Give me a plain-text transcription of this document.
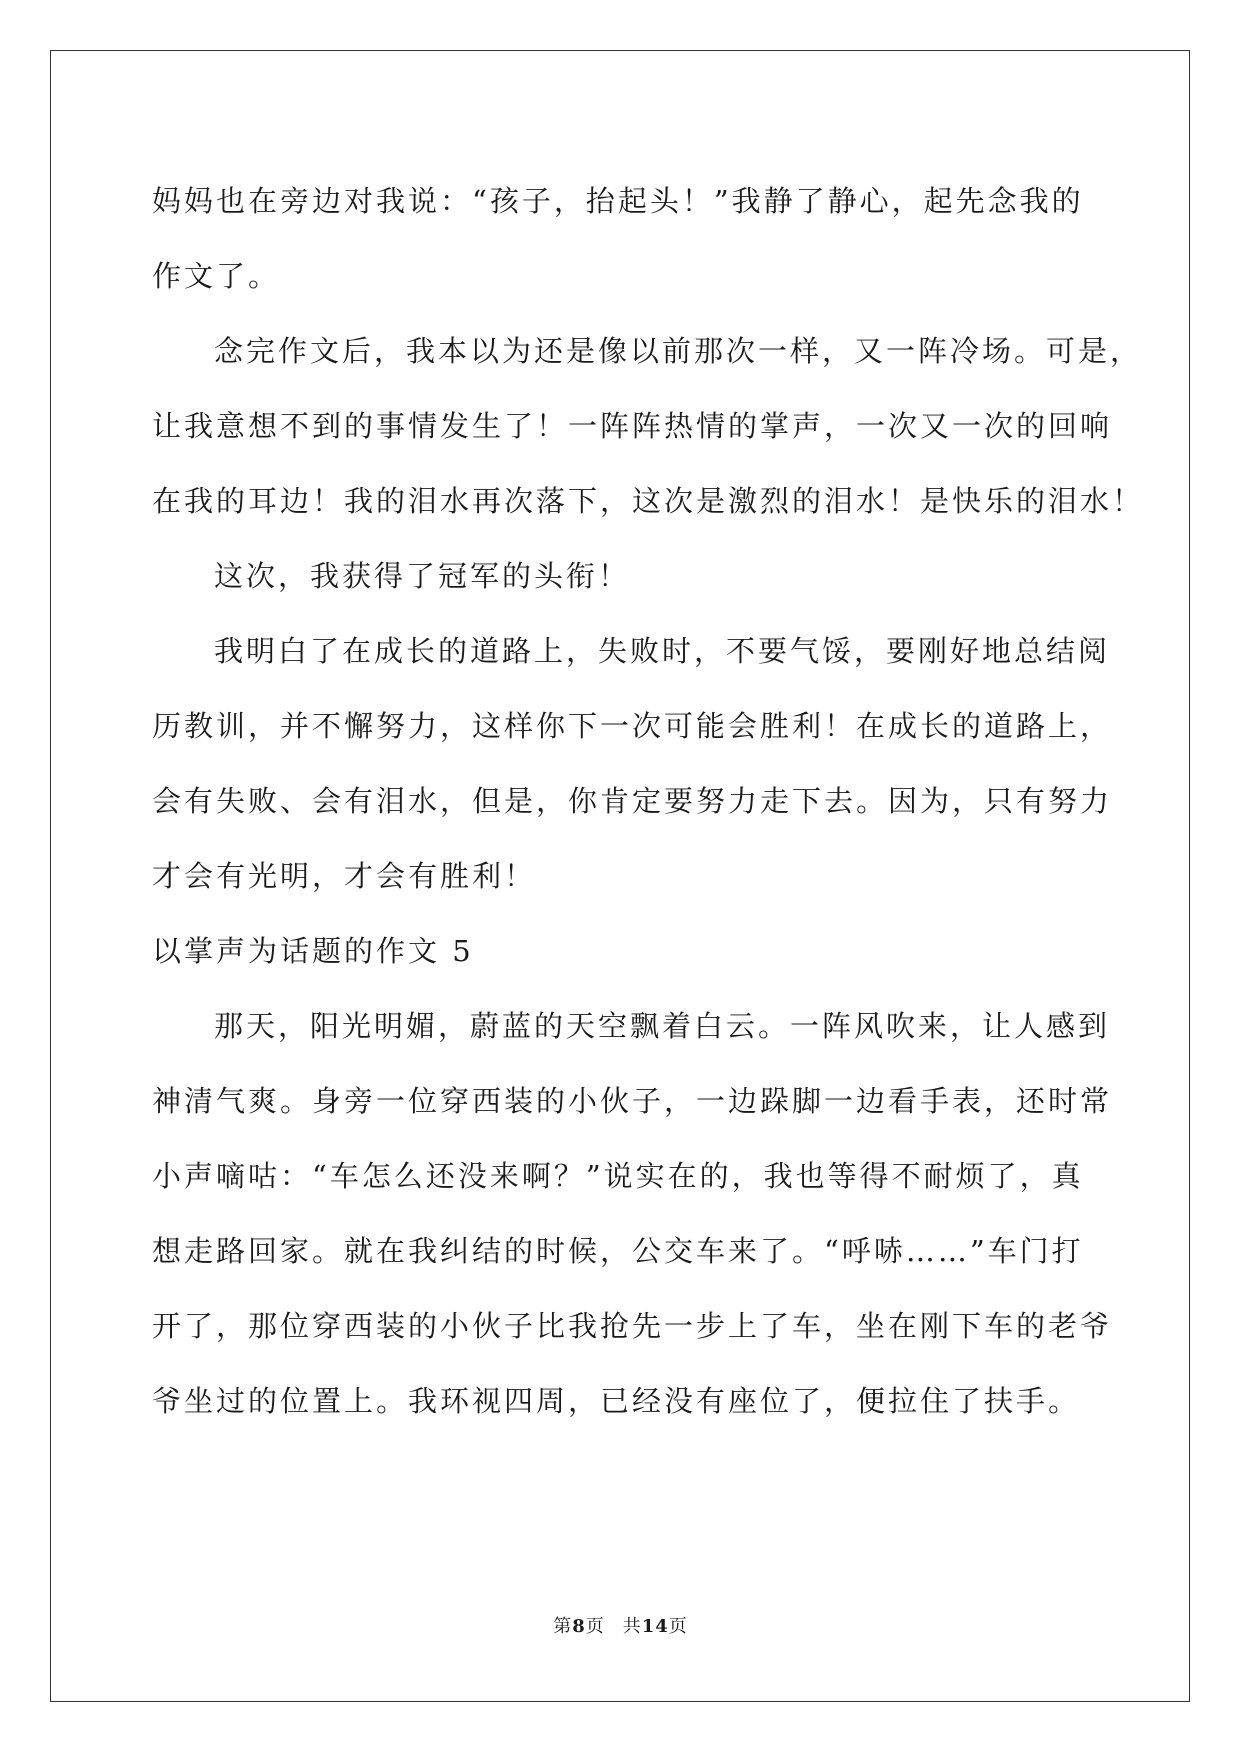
妈妈也在旁边对我说：“孩子，抬起头！”我静了静心，起先念我的
作文了。

念完作文后，我本以为还是像以前那次一样，又一阵冷场。可是，
让我意想不到的事情发生了！一阵阵热情的掌声，一次又一次的回响
在我的耳边！我的泪水再次落下，这次是激烈的泪水！是快乐的泪水！

这次，我获得了冠军的头衔！

我明白了在成长的道路上，失败时，不要气馁，要刚好地总结阅
历教训，并不懈努力，这样你下一次可能会胜利！在成长的道路上，
会有失败、会有泪水，但是，你肯定要努力走下去。因为，只有努力
才会有光明，才会有胜利！

以掌声为话题的作文 5

那天，阳光明媚，蔚蓝的天空飘着白云。一阵风吹来，让人感到
神清气爽。身旁一位穿西装的小伙子，一边跺脚一边看手表，还时常
小声嘀咕：“车怎么还没来啊？”说实在的，我也等得不耐烦了，真
想走路回家。就在我纠结的时候，公交车来了。“呼哧……”车门打
开了，那位穿西装的小伙子比我抢先一步上了车，坐在刚下车的老爷
爷坐过的位置上。我环视四周，已经没有座位了，便拉住了扶手。

第8页 共14页
